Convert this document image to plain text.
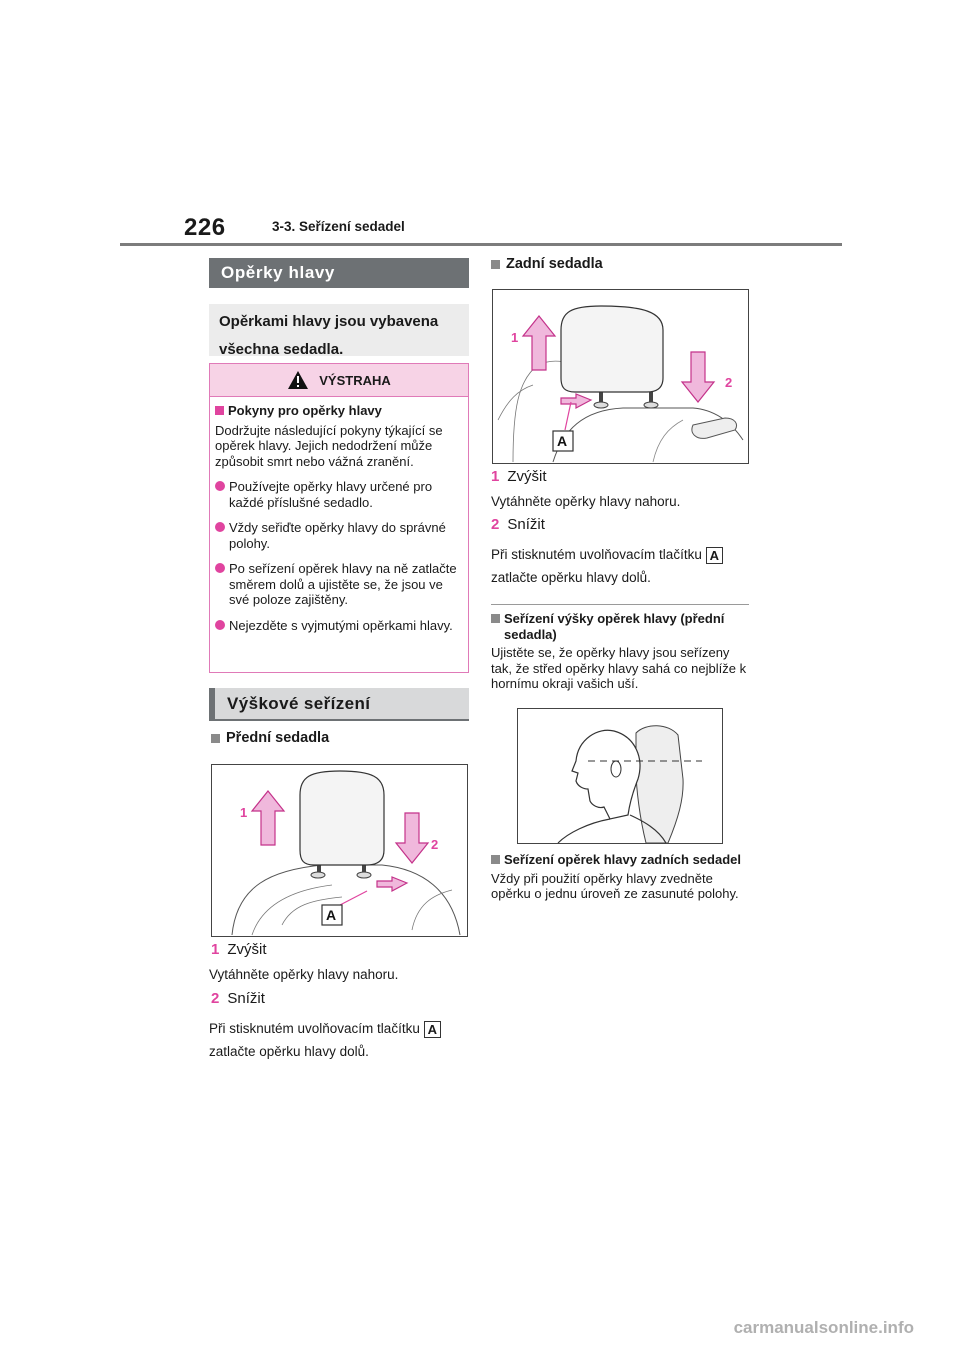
226	3-3. Seřízení sedadel
Opěrky hlavy
Opěrkami hlavy jsou vybavena všechna sedadla.
VÝSTRAHA
Pokyny pro opěrky hlavy
Dodržujte následující pokyny týkající se opěrek hlavy. Jejich nedodržení může způsobit smrt nebo vážná zranění.
Používejte opěrky hlavy určené pro každé příslušné sedadlo.
Vždy seřiďte opěrky hlavy do správné polohy.
Po seřízení opěrek hlavy na ně zatlačte směrem dolů a ujistěte se, že jsou ve své poloze zajištěny.
Nejezděte s vyjmutými opěrkami hlavy.
Výškové seřízení
Přední sedadla
1
2
A
1 Zvýšit
Vytáhněte opěrky hlavy nahoru.
2 Snížit
Při stisknutém uvolňovacím tlačítku A
zatlačte opěrku hlavy dolů.
Zadní sedadla
1
2
A
1 Zvýšit
Vytáhněte opěrky hlavy nahoru.
2 Snížit
Při stisknutém uvolňovacím tlačítku A
zatlačte opěrku hlavy dolů.
Seřízení výšky opěrek hlavy (přední sedadla)
Ujistěte se, že opěrky hlavy jsou seřízeny tak, že střed opěrky hlavy sahá co nejblíže k hornímu okraji vašich uší.
Seřízení opěrek hlavy zadních sedadel
Vždy při použití opěrky hlavy zvedněte opěrku o jednu úroveň ze zasunuté polohy.
carmanualsonline.info
